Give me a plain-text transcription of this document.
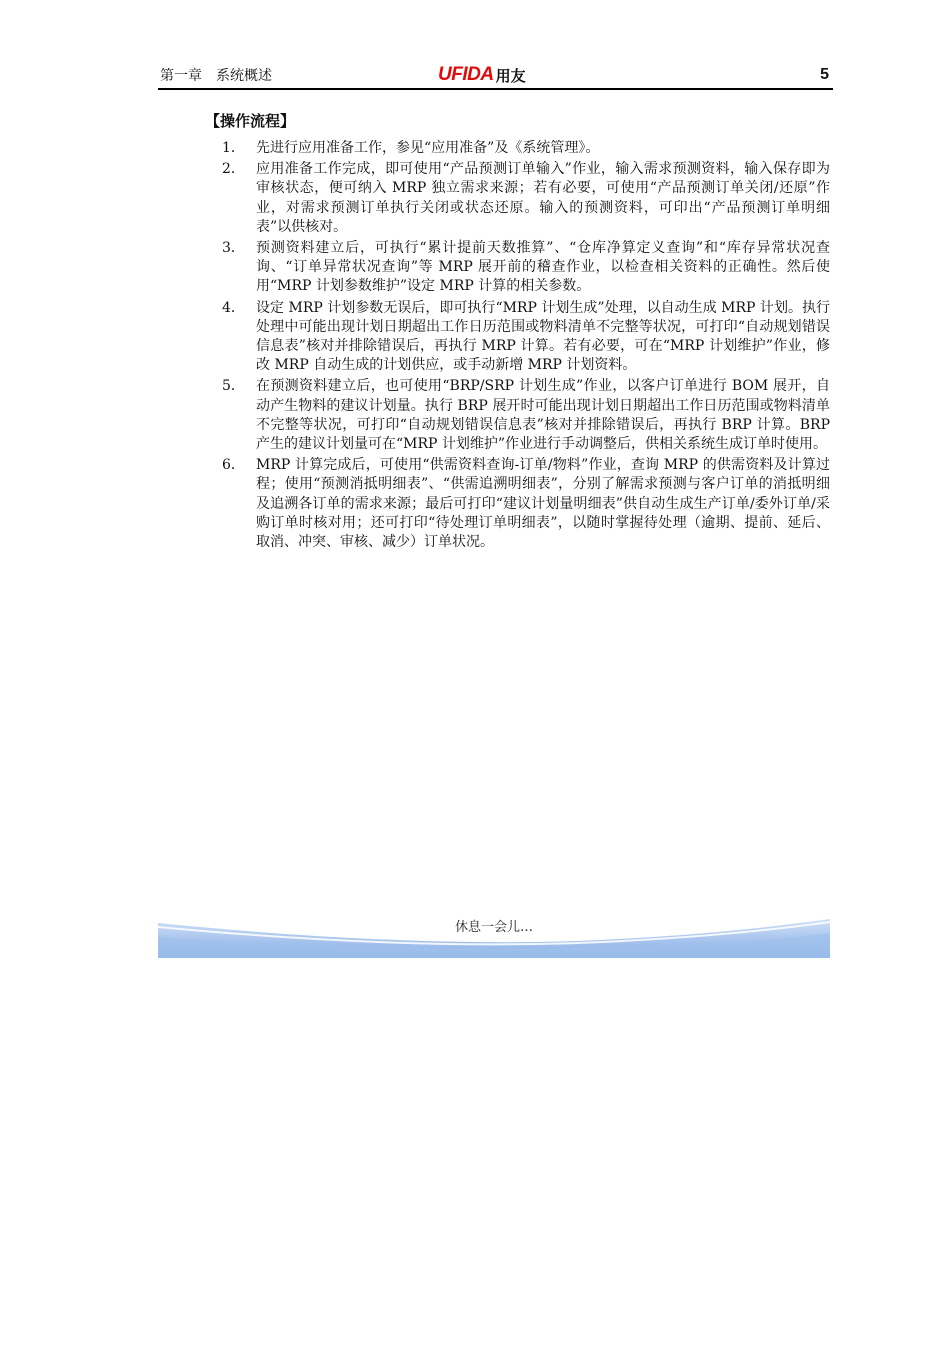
第一章　系统概述	UFIDA 用友	5
【操作流程】
1． 先进行应用准备工作，参见“应用准备”及《系统管理》。
2． 应用准备工作完成，即可使用“产品预测订单输入”作业，输入需求预测资料，输入保存即为审核状态，便可纳入 MRP 独立需求来源；若有必要，可使用“产品预测订单关闭/还原”作业，对需求预测订单执行关闭或状态还原。输入的预测资料，可印出“产品预测订单明细表”以供核对。
3． 预测资料建立后，可执行“累计提前天数推算”、“仓库净算定义查询”和“库存异常状况查询、“订单异常状况查询”等 MRP 展开前的稽查作业，以检查相关资料的正确性。然后使用“MRP 计划参数维护”设定 MRP 计算的相关参数。
4． 设定 MRP 计划参数无误后，即可执行“MRP 计划生成”处理，以自动生成 MRP 计划。执行处理中可能出现计划日期超出工作日历范围或物料清单不完整等状况，可打印“自动规划错误信息表”核对并排除错误后，再执行 MRP 计算。若有必要，可在“MRP 计划维护”作业，修改 MRP 自动生成的计划供应，或手动新增 MRP 计划资料。
5． 在预测资料建立后，也可使用“BRP/SRP 计划生成”作业，以客户订单进行 BOM 展开，自动产生物料的建议计划量。执行 BRP 展开时可能出现计划日期超出工作日历范围或物料清单不完整等状况，可打印“自动规划错误信息表”核对并排除错误后，再执行 BRP 计算。BRP 产生的建议计划量可在“MRP 计划维护”作业进行手动调整后，供相关系统生成订单时使用。
6． MRP 计算完成后，可使用“供需资料查询-订单/物料”作业，查询 MRP 的供需资料及计算过程；使用“预测消抵明细表”、“供需追溯明细表”，分别了解需求预测与客户订单的消抵明细及追溯各订单的需求来源；最后可打印“建议计划量明细表”供自动生成生产订单/委外订单/采购订单时核对用；还可打印“待处理订单明细表”，以随时掌握待处理（逾期、提前、延后、取消、冲突、审核、减少）订单状况。
休息一会儿…
